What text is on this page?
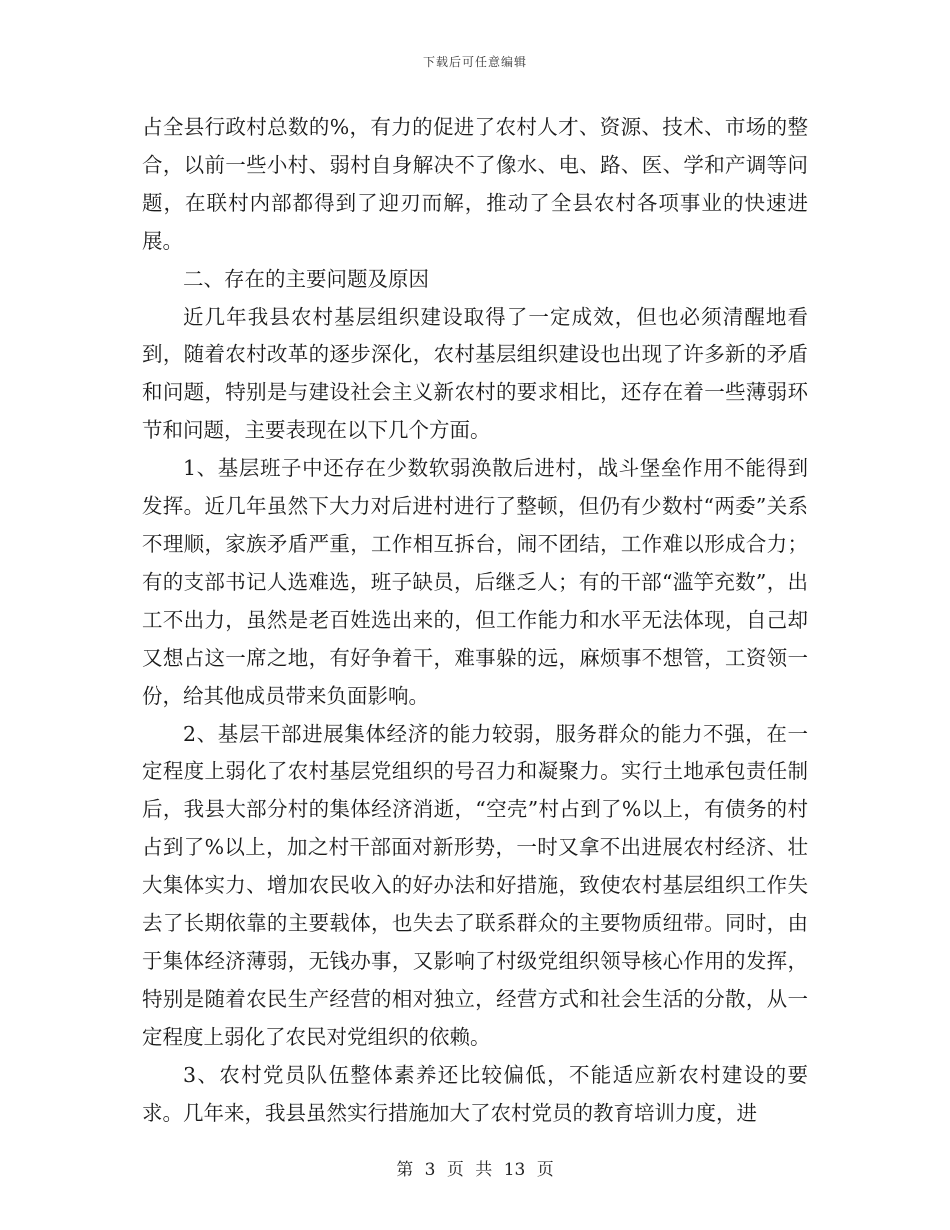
下载后可任意编辑

占全县行政村总数的%，有力的促进了农村人才、资源、技术、市场的整合，以前一些小村、弱村自身解决不了像水、电、路、医、学和产调等问题，在联村内部都得到了迎刃而解，推动了全县农村各项事业的快速进展。

二、存在的主要问题及原因

近几年我县农村基层组织建设取得了一定成效，但也必须清醒地看到，随着农村改革的逐步深化，农村基层组织建设也出现了许多新的矛盾和问题，特别是与建设社会主义新农村的要求相比，还存在着一些薄弱环节和问题，主要表现在以下几个方面。

1、基层班子中还存在少数软弱涣散后进村，战斗堡垒作用不能得到发挥。近几年虽然下大力对后进村进行了整顿，但仍有少数村“两委”关系不理顺，家族矛盾严重，工作相互拆台，闹不团结，工作难以形成合力；有的支部书记人选难选，班子缺员，后继乏人；有的干部“滥竽充数”，出工不出力，虽然是老百姓选出来的，但工作能力和水平无法体现，自己却又想占这一席之地，有好争着干，难事躲的远，麻烦事不想管，工资领一份，给其他成员带来负面影响。

2、基层干部进展集体经济的能力较弱，服务群众的能力不强，在一定程度上弱化了农村基层党组织的号召力和凝聚力。实行土地承包责任制后，我县大部分村的集体经济消逝，“空壳”村占到了%以上，有债务的村占到了%以上，加之村干部面对新形势，一时又拿不出进展农村经济、壮大集体实力、增加农民收入的好办法和好措施，致使农村基层组织工作失去了长期依靠的主要载体，也失去了联系群众的主要物质纽带。同时，由于集体经济薄弱，无钱办事，又影响了村级党组织领导核心作用的发挥，特别是随着农民生产经营的相对独立，经营方式和社会生活的分散，从一定程度上弱化了农民对党组织的依赖。

3、农村党员队伍整体素养还比较偏低，不能适应新农村建设的要求。几年来，我县虽然实行措施加大了农村党员的教育培训力度，进

第 3 页 共 13 页
